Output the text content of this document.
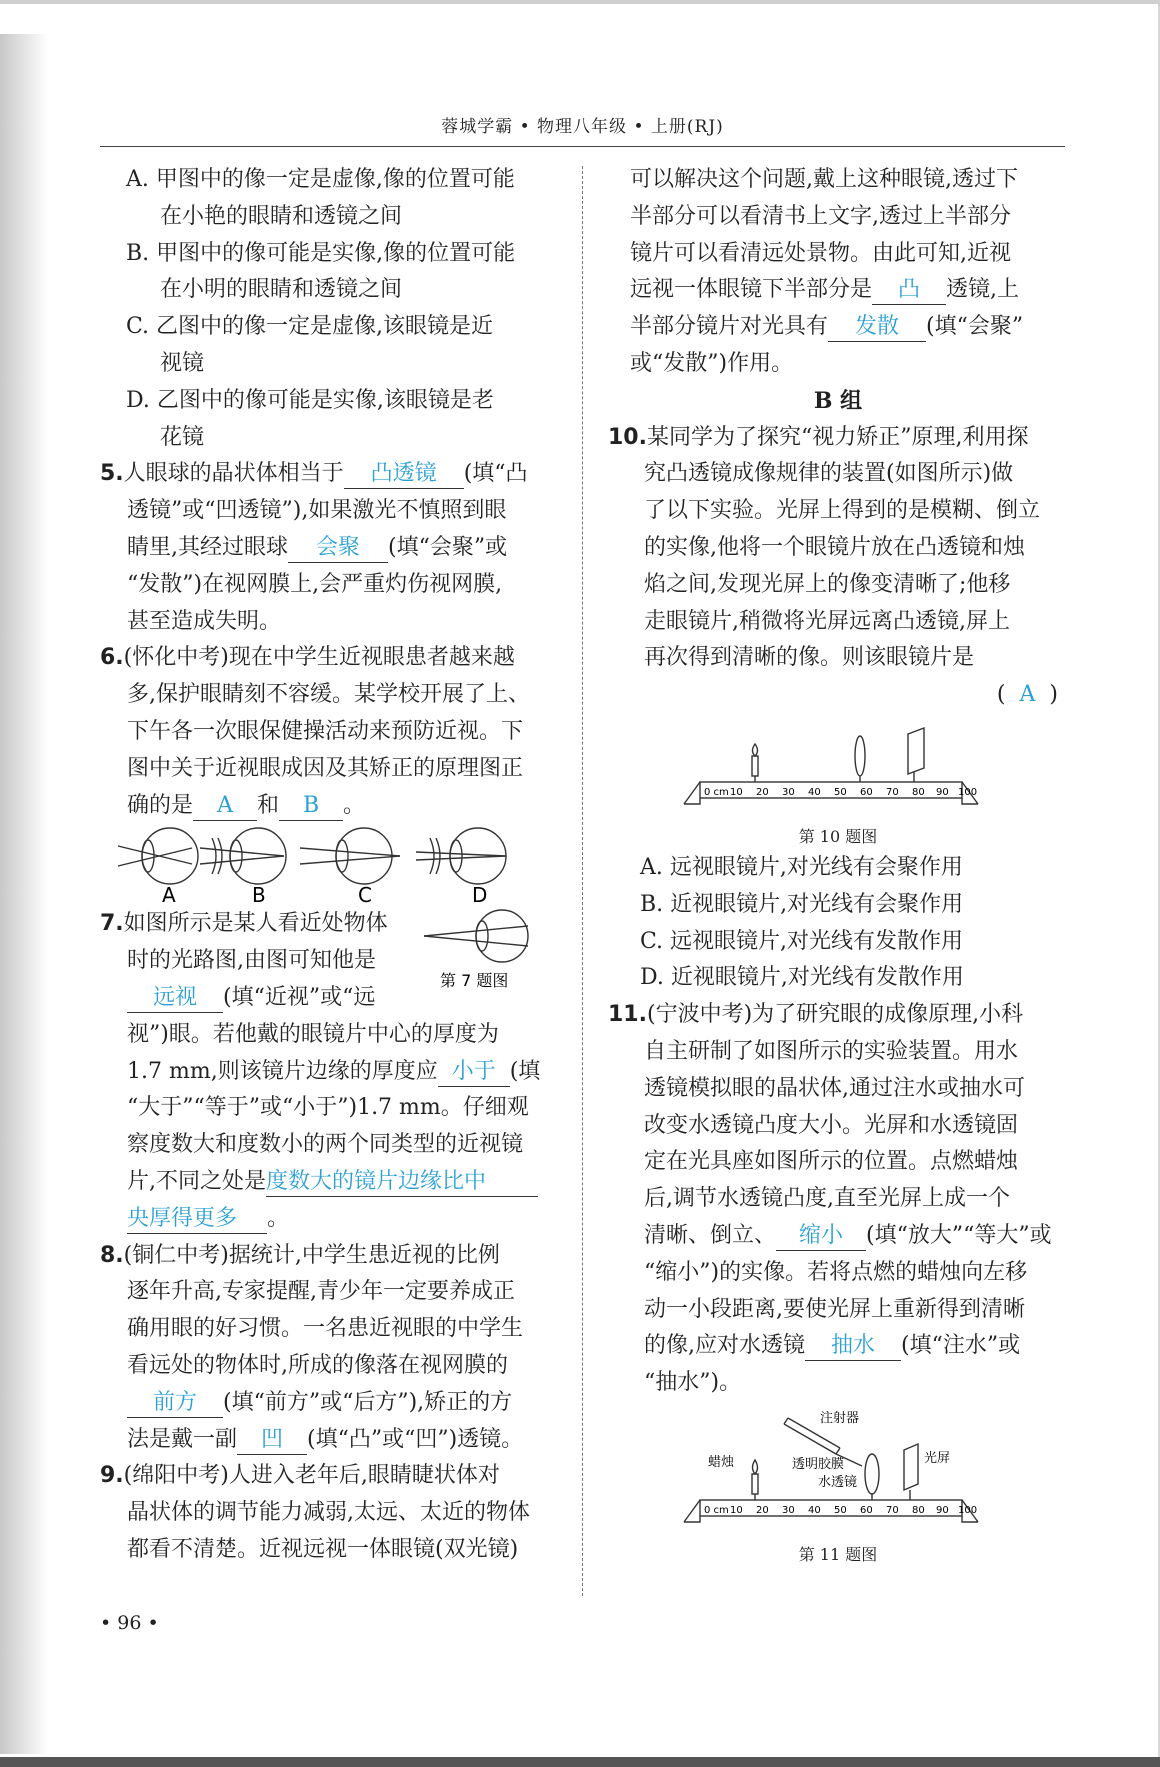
蓉城学霸 • 物理八年级 • 上册(RJ)

A. 甲图中的像一定是虚像,像的位置可能
在小艳的眼睛和透镜之间

B. 甲图中的像可能是实像,像的位置可能
在小明的眼睛和透镜之间

C. 乙图中的像一定是虚像,该眼镜是近
视镜

D. 乙图中的像可能是实像,该眼镜是老
花镜

5.人眼球的晶状体相当于 凸透镜 (填“凸
透镜”或“凹透镜”),如果激光不慎照到眼
睛里,其经过眼球 会聚 (填“会聚”或
“发散”)在视网膜上,会严重灼伤视网膜,
甚至造成失明。
6.(怀化中考)现在中学生近视眼患者越来越
多,保护眼睛刻不容缓。某学校开展了上、
下午各一次眼保健操活动来预防近视。下
图中关于近视眼成因及其矫正的原理图正
确的是 A 和 B 。
A	B	C	D
第 7 题图
7.如图所示是某人看近处物体
时的光路图,由图可知他是
远视 (填“近视”或“远
视”)眼。若他戴的眼镜片中心的厚度为
1.7 mm,则该镜片边缘的厚度应 小于 (填
“大于”“等于”或“小于”)1.7 mm。仔细观
察度数大和度数小的两个同类型的近视镜
片,不同之处是度数大的镜片边缘比中
央厚得更多 。
8.(铜仁中考)据统计,中学生患近视的比例
逐年升高,专家提醒,青少年一定要养成正
确用眼的好习惯。一名患近视眼的中学生
看远处的物体时,所成的像落在视网膜的
前方 (填“前方”或“后方”),矫正的方
法是戴一副 凹 (填“凸”或“凹”)透镜。
9.(绵阳中考)人进入老年后,眼睛睫状体对
晶状体的调节能力减弱,太远、太近的物体
都看不清楚。近视远视一体眼镜(双光镜)
可以解决这个问题,戴上这种眼镜,透过下
半部分可以看清书上文字,透过上半部分
镜片可以看清远处景物。由此可知,近视
远视一体眼镜下半部分是 凸 透镜,上
半部分镜片对光具有 发散 (填“会聚”
或“发散”)作用。

B 组

10.某同学为了探究“视力矫正”原理,利用探
究凸透镜成像规律的装置(如图所示)做
了以下实验。光屏上得到的是模糊、倒立
的实像,他将一个眼镜片放在凸透镜和烛
焰之间,发现光屏上的像变清晰了;他移
走眼镜片,稍微将光屏远离凸透镜,屏上
再次得到清晰的像。则该眼镜片是

( A )

0 cm 10 20 30 40 50 60 70 80 90 100

第 10 题图

A. 远视眼镜片,对光线有会聚作用

B. 近视眼镜片,对光线有会聚作用

C. 远视眼镜片,对光线有发散作用

D. 近视眼镜片,对光线有发散作用

11.(宁波中考)为了研究眼的成像原理,小科
自主研制了如图所示的实验装置。用水
透镜模拟眼的晶状体,通过注水或抽水可
改变水透镜凸度大小。光屏和水透镜固
定在光具座如图所示的位置。点燃蜡烛
后,调节水透镜凸度,直至光屏上成一个
清晰、倒立、 缩小 (填“放大”“等大”或
“缩小”)的实像。若将点燃的蜡烛向左移
动一小段距离,要使光屏上重新得到清晰
的像,应对水透镜 抽水 (填“注水”或
“抽水”)。
注射器
蜡烛	透明胶膜
水透镜
光屏
0 cm 10 20 30 40 50 60 70 80 90 100

第 11 题图

• 96 •
